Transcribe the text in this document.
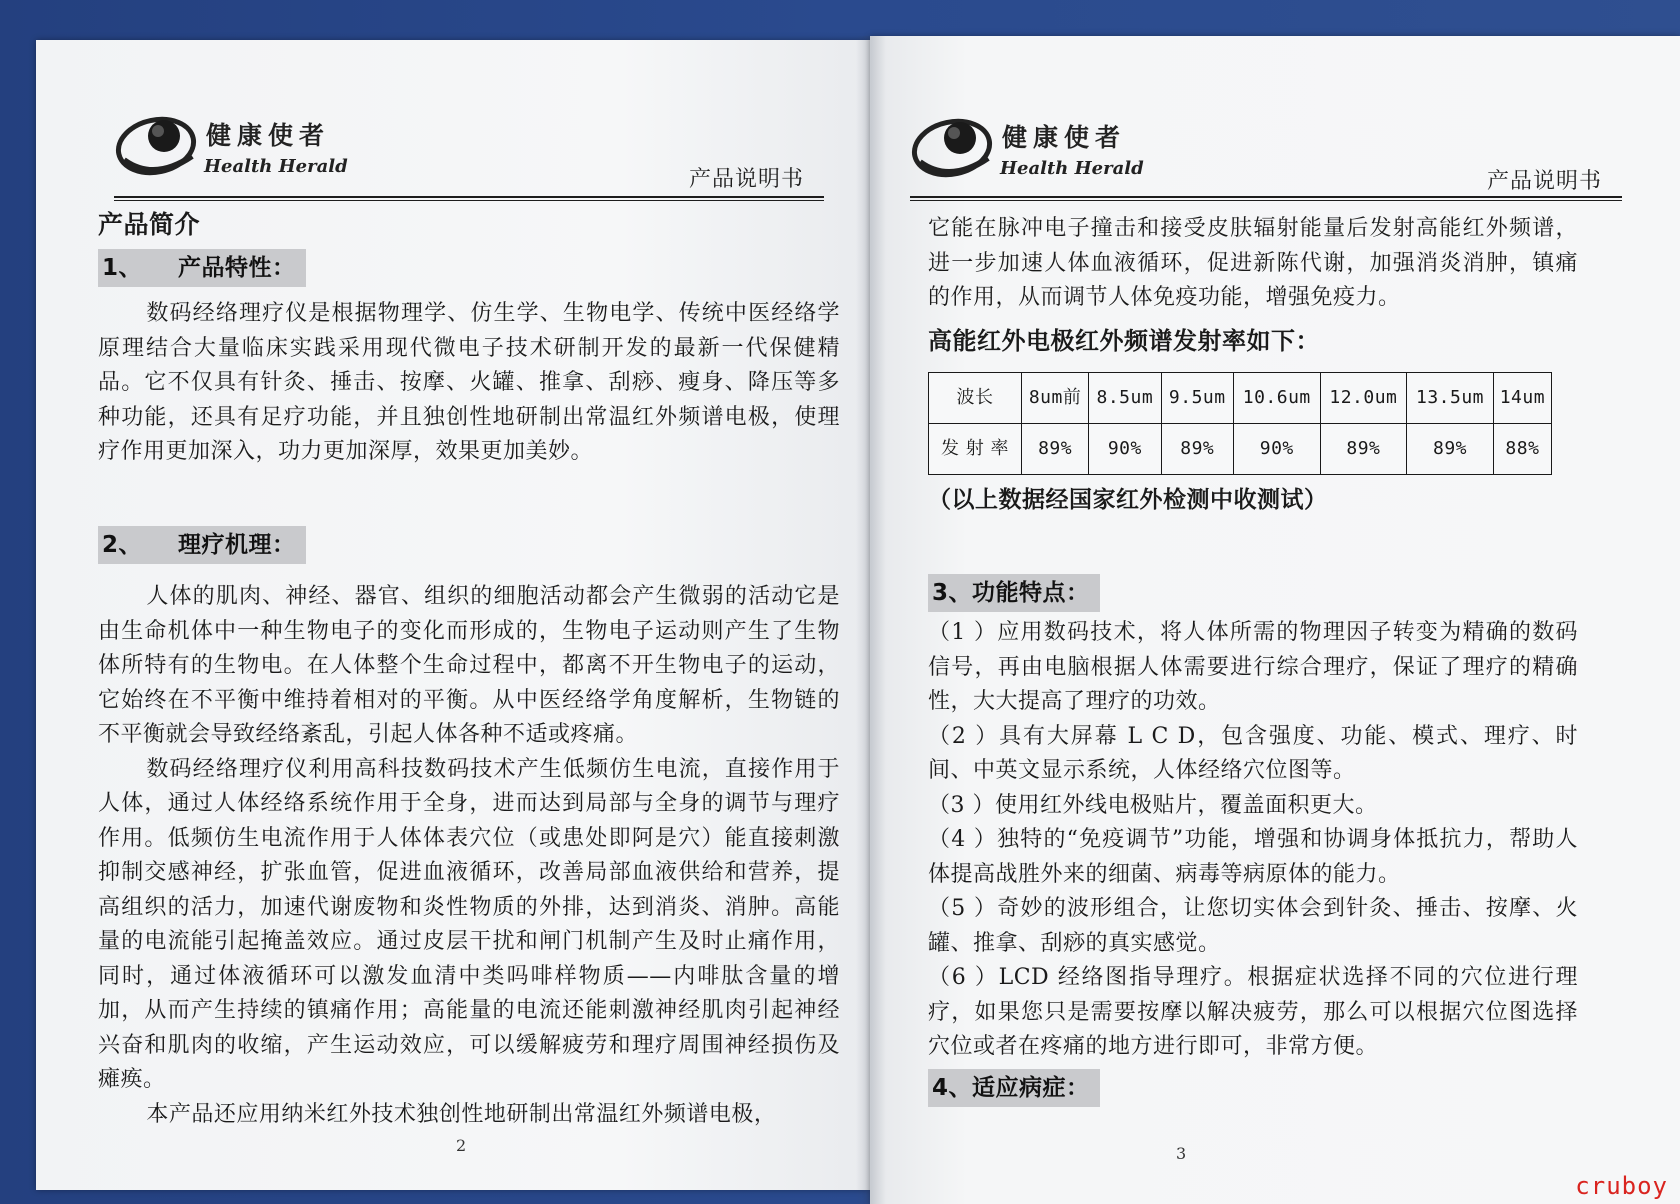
健康使者
Health Herald
产品说明书

产品简介

1、 产品特性：

数码经络理疗仪是根据物理学、仿生学、生物电学、传统中医经络学原理结合大量临床实践采用现代微电子技术研制开发的最新一代保健精品。它不仅具有针灸、捶击、按摩、火罐、推拿、刮痧、瘦身、降压等多种功能，还具有足疗功能，并且独创性地研制出常温红外频谱电极，使理疗作用更加深入，功力更加深厚，效果更加美妙。

2、 理疗机理：

人体的肌肉、神经、器官、组织的细胞活动都会产生微弱的活动它是由生命机体中一种生物电子的变化而形成的，生物电子运动则产生了生物体所特有的生物电。在人体整个生命过程中，都离不开生物电子的运动，它始终在不平衡中维持着相对的平衡。从中医经络学角度解析，生物链的不平衡就会导致经络紊乱，引起人体各种不适或疼痛。

数码经络理疗仪利用高科技数码技术产生低频仿生电流，直接作用于人体，通过人体经络系统作用于全身，进而达到局部与全身的调节与理疗作用。低频仿生电流作用于人体体表穴位（或患处即阿是穴）能直接刺激抑制交感神经，扩张血管，促进血液循环，改善局部血液供给和营养，提高组织的活力，加速代谢废物和炎性物质的外排，达到消炎、消肿。高能量的电流能引起掩盖效应。通过皮层干扰和闸门机制产生及时止痛作用，同时，通过体液循环可以激发血清中类吗啡样物质——内啡肽含量的增加，从而产生持续的镇痛作用；高能量的电流还能刺激神经肌肉引起神经兴奋和肌肉的收缩，产生运动效应，可以缓解疲劳和理疗周围神经损伤及瘫痪。

本产品还应用纳米红外技术独创性地研制出常温红外频谱电极，

2
健康使者
Health Herald
产品说明书

它能在脉冲电子撞击和接受皮肤辐射能量后发射高能红外频谱，进一步加速人体血液循环，促进新陈代谢，加强消炎消肿，镇痛的作用，从而调节人体免疫功能，增强免疫力。

高能红外电极红外频谱发射率如下：
波长	8um前	8.5um	9.5um	10.6um	12.0um	13.5um	14um
发 射 率	89%	90%	89%	90%	89%	89%	88%
（以上数据经国家红外检测中收测试）
3、功能特点：

（1 ）应用数码技术，将人体所需的物理因子转变为精确的数码信号，再由电脑根据人体需要进行综合理疗，保证了理疗的精确性，大大提高了理疗的功效。

（2 ）具有大屏幕 L C D，包含强度、功能、模式、理疗、时间、中英文显示系统，人体经络穴位图等。

（3 ）使用红外线电极贴片，覆盖面积更大。

（4 ）独特的“免疫调节”功能，增强和协调身体抵抗力，帮助人体提高战胜外来的细菌、病毒等病原体的能力。

（5 ）奇妙的波形组合，让您切实体会到针灸、捶击、按摩、火罐、推拿、刮痧的真实感觉。

（6 ）LCD 经络图指导理疗。根据症状选择不同的穴位进行理疗，如果您只是需要按摩以解决疲劳，那么可以根据穴位图选择穴位或者在疼痛的地方进行即可，非常方便。

4、适应病症：
3
cruboy
